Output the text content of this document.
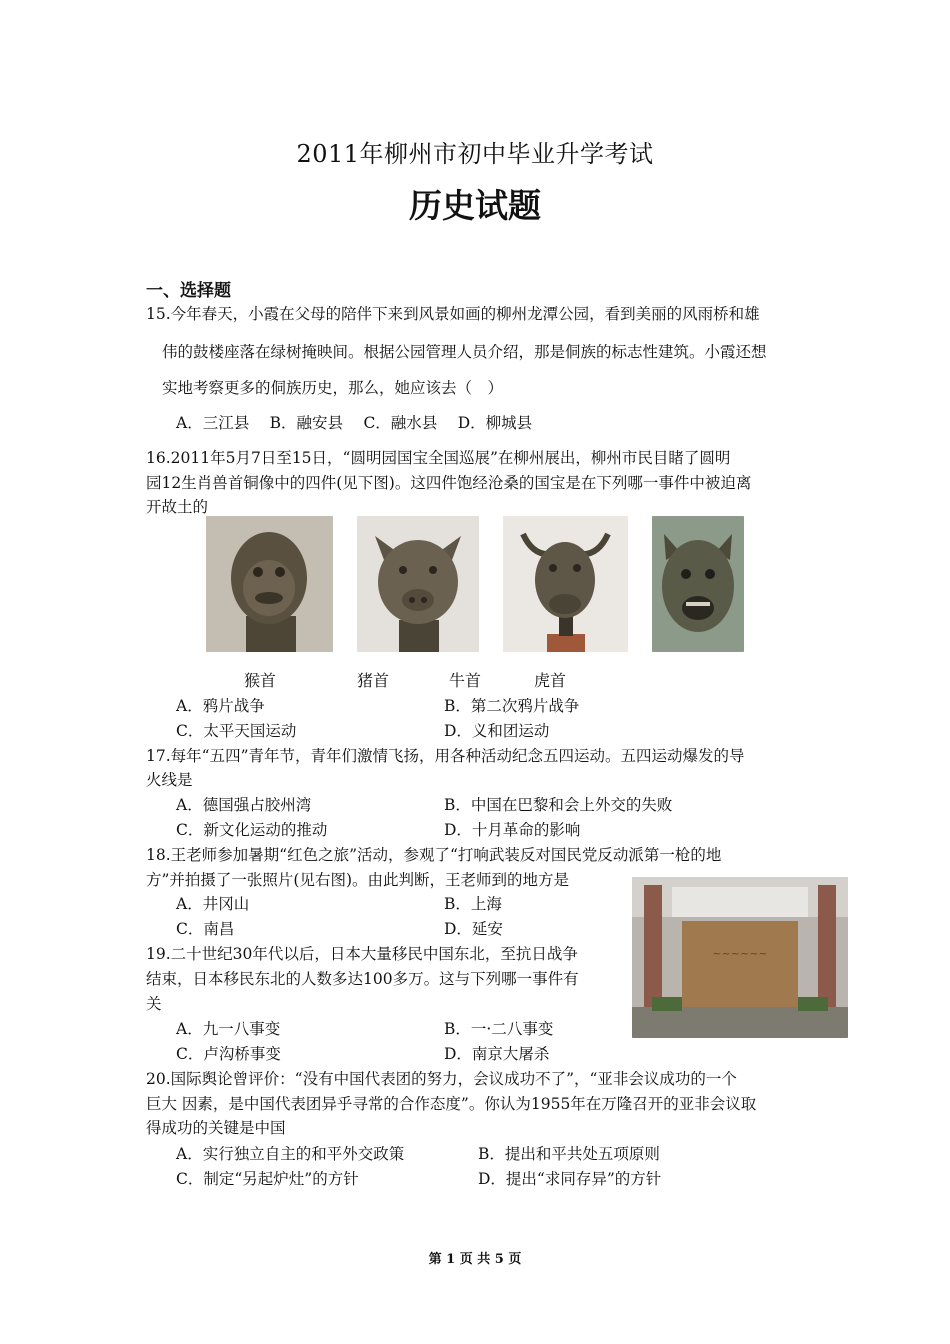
2011年柳州市初中毕业升学考试
历史试题
一、选择题
15.今年春天，小霞在父母的陪伴下来到风景如画的柳州龙潭公园，看到美丽的风雨桥和雄
伟的鼓楼座落在绿树掩映间。根据公园管理人员介绍，那是侗族的标志性建筑。小霞还想
实地考察更多的侗族历史，那么，她应该去（　）
A．三江县　 B．融安县　 C．融水县　 D．柳城县
16.2011年5月7日至15日，“圆明园国宝全国巡展”在柳州展出，柳州市民目睹了圆明
园12生肖兽首铜像中的四件(见下图)。这四件饱经沧桑的国宝是在下列哪一事件中被迫离
开故土的
猴首	猪首	牛首	虎首
A．鸦片战争	B．第二次鸦片战争
C．太平天国运动	D．义和团运动
17.每年“五四”青年节，青年们激情飞扬，用各种活动纪念五四运动。五四运动爆发的导
火线是
A．德国强占胶州湾	B．中国在巴黎和会上外交的失败
C．新文化运动的推动	D．十月革命的影响
18.王老师参加暑期“红色之旅”活动，参观了“打响武装反对国民党反动派第一枪的地
方”并拍摄了一张照片(见右图)。由此判断，王老师到的地方是
A．井冈山	B．上海
C．南昌	D．延安
~~~~~~
19.二十世纪30年代以后，日本大量移民中国东北，至抗日战争
结束，日本移民东北的人数多达100多万。这与下列哪一事件有
关
A．九一八事变	B．一·二八事变
C．卢沟桥事变	D．南京大屠杀
20.国际舆论曾评价：“没有中国代表团的努力，会议成功不了”，“亚非会议成功的一个
巨大 因素，是中国代表团异乎寻常的合作态度”。你认为1955年在万隆召开的亚非会议取
得成功的关键是中国
A．实行独立自主的和平外交政策	B．提出和平共处五项原则
C．制定“另起炉灶”的方针	D．提出“求同存异”的方针
第 1 页 共 5 页
